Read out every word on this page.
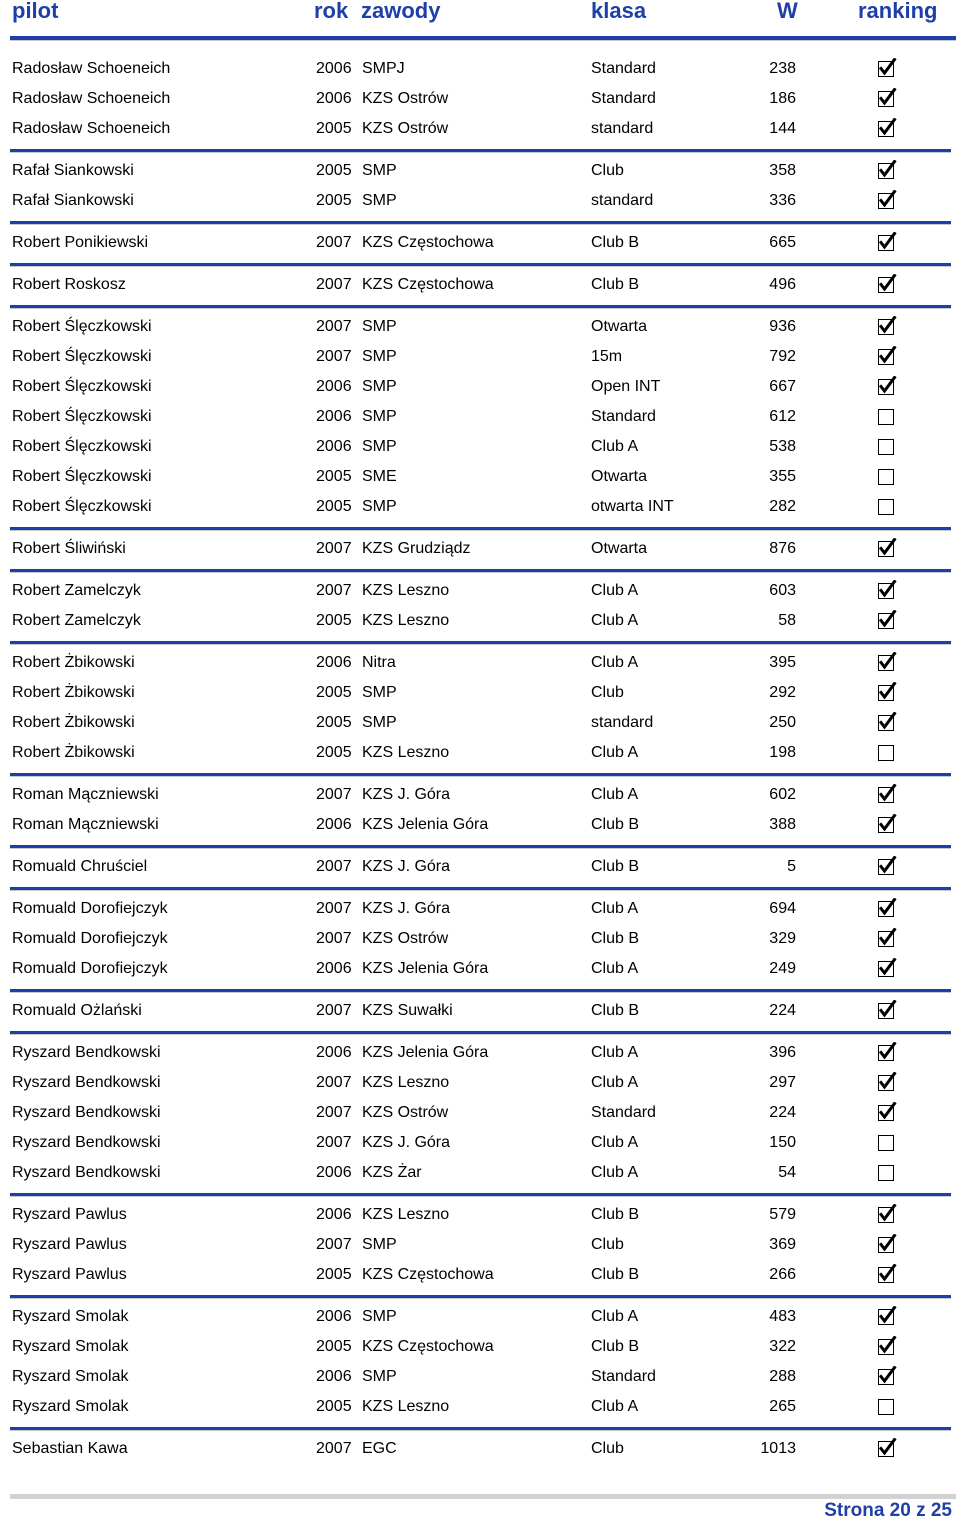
pilot	rok zawody	klasa	W	ranking
Radosław Schoeneich	2006 SMPJ	Standard	238
Radosław Schoeneich	2006 KZS Ostrów	Standard	186
Radosław Schoeneich	2005 KZS Ostrów	standard	144
Rafał Siankowski	2005 SMP	Club	358
Rafał Siankowski	2005 SMP	standard	336
Robert Ponikiewski	2007 KZS Częstochowa	Club B	665
Robert Roskosz	2007 KZS Częstochowa	Club B	496
Robert Ślęczkowski	2007 SMP	Otwarta	936
Robert Ślęczkowski	2007 SMP	15m	792
Robert Ślęczkowski	2006 SMP	Open INT	667
Robert Ślęczkowski	2006 SMP	Standard	612
Robert Ślęczkowski	2006 SMP	Club A	538
Robert Ślęczkowski	2005 SME	Otwarta	355
Robert Ślęczkowski	2005 SMP	otwarta INT	282
Robert Śliwiński	2007 KZS Grudziądz	Otwarta	876
Robert Zamelczyk	2007 KZS Leszno	Club A	603
Robert Zamelczyk	2005 KZS Leszno	Club A	58
Robert Żbikowski	2006 Nitra	Club A	395
Robert Żbikowski	2005 SMP	Club	292
Robert Żbikowski	2005 SMP	standard	250
Robert Żbikowski	2005 KZS Leszno	Club A	198
Roman Mączniewski	2007 KZS J. Góra	Club A	602
Roman Mączniewski	2006 KZS Jelenia Góra	Club B	388
Romuald Chruściel	2007 KZS J. Góra	Club B	5
Romuald Dorofiejczyk	2007 KZS J. Góra	Club A	694
Romuald Dorofiejczyk	2007 KZS Ostrów	Club B	329
Romuald Dorofiejczyk	2006 KZS Jelenia Góra	Club A	249
Romuald Ożlański	2007 KZS Suwałki	Club B	224
Ryszard Bendkowski	2006 KZS Jelenia Góra	Club A	396
Ryszard Bendkowski	2007 KZS Leszno	Club A	297
Ryszard Bendkowski	2007 KZS Ostrów	Standard	224
Ryszard Bendkowski	2007 KZS J. Góra	Club A	150
Ryszard Bendkowski	2006 KZS Żar	Club A	54
Ryszard Pawlus	2006 KZS Leszno	Club B	579
Ryszard Pawlus	2007 SMP	Club	369
Ryszard Pawlus	2005 KZS Częstochowa	Club B	266
Ryszard Smolak	2006 SMP	Club A	483
Ryszard Smolak	2005 KZS Częstochowa	Club B	322
Ryszard Smolak	2006 SMP	Standard	288
Ryszard Smolak	2005 KZS Leszno	Club A	265
Sebastian Kawa	2007 EGC	Club	1013
Strona 20 z 25
